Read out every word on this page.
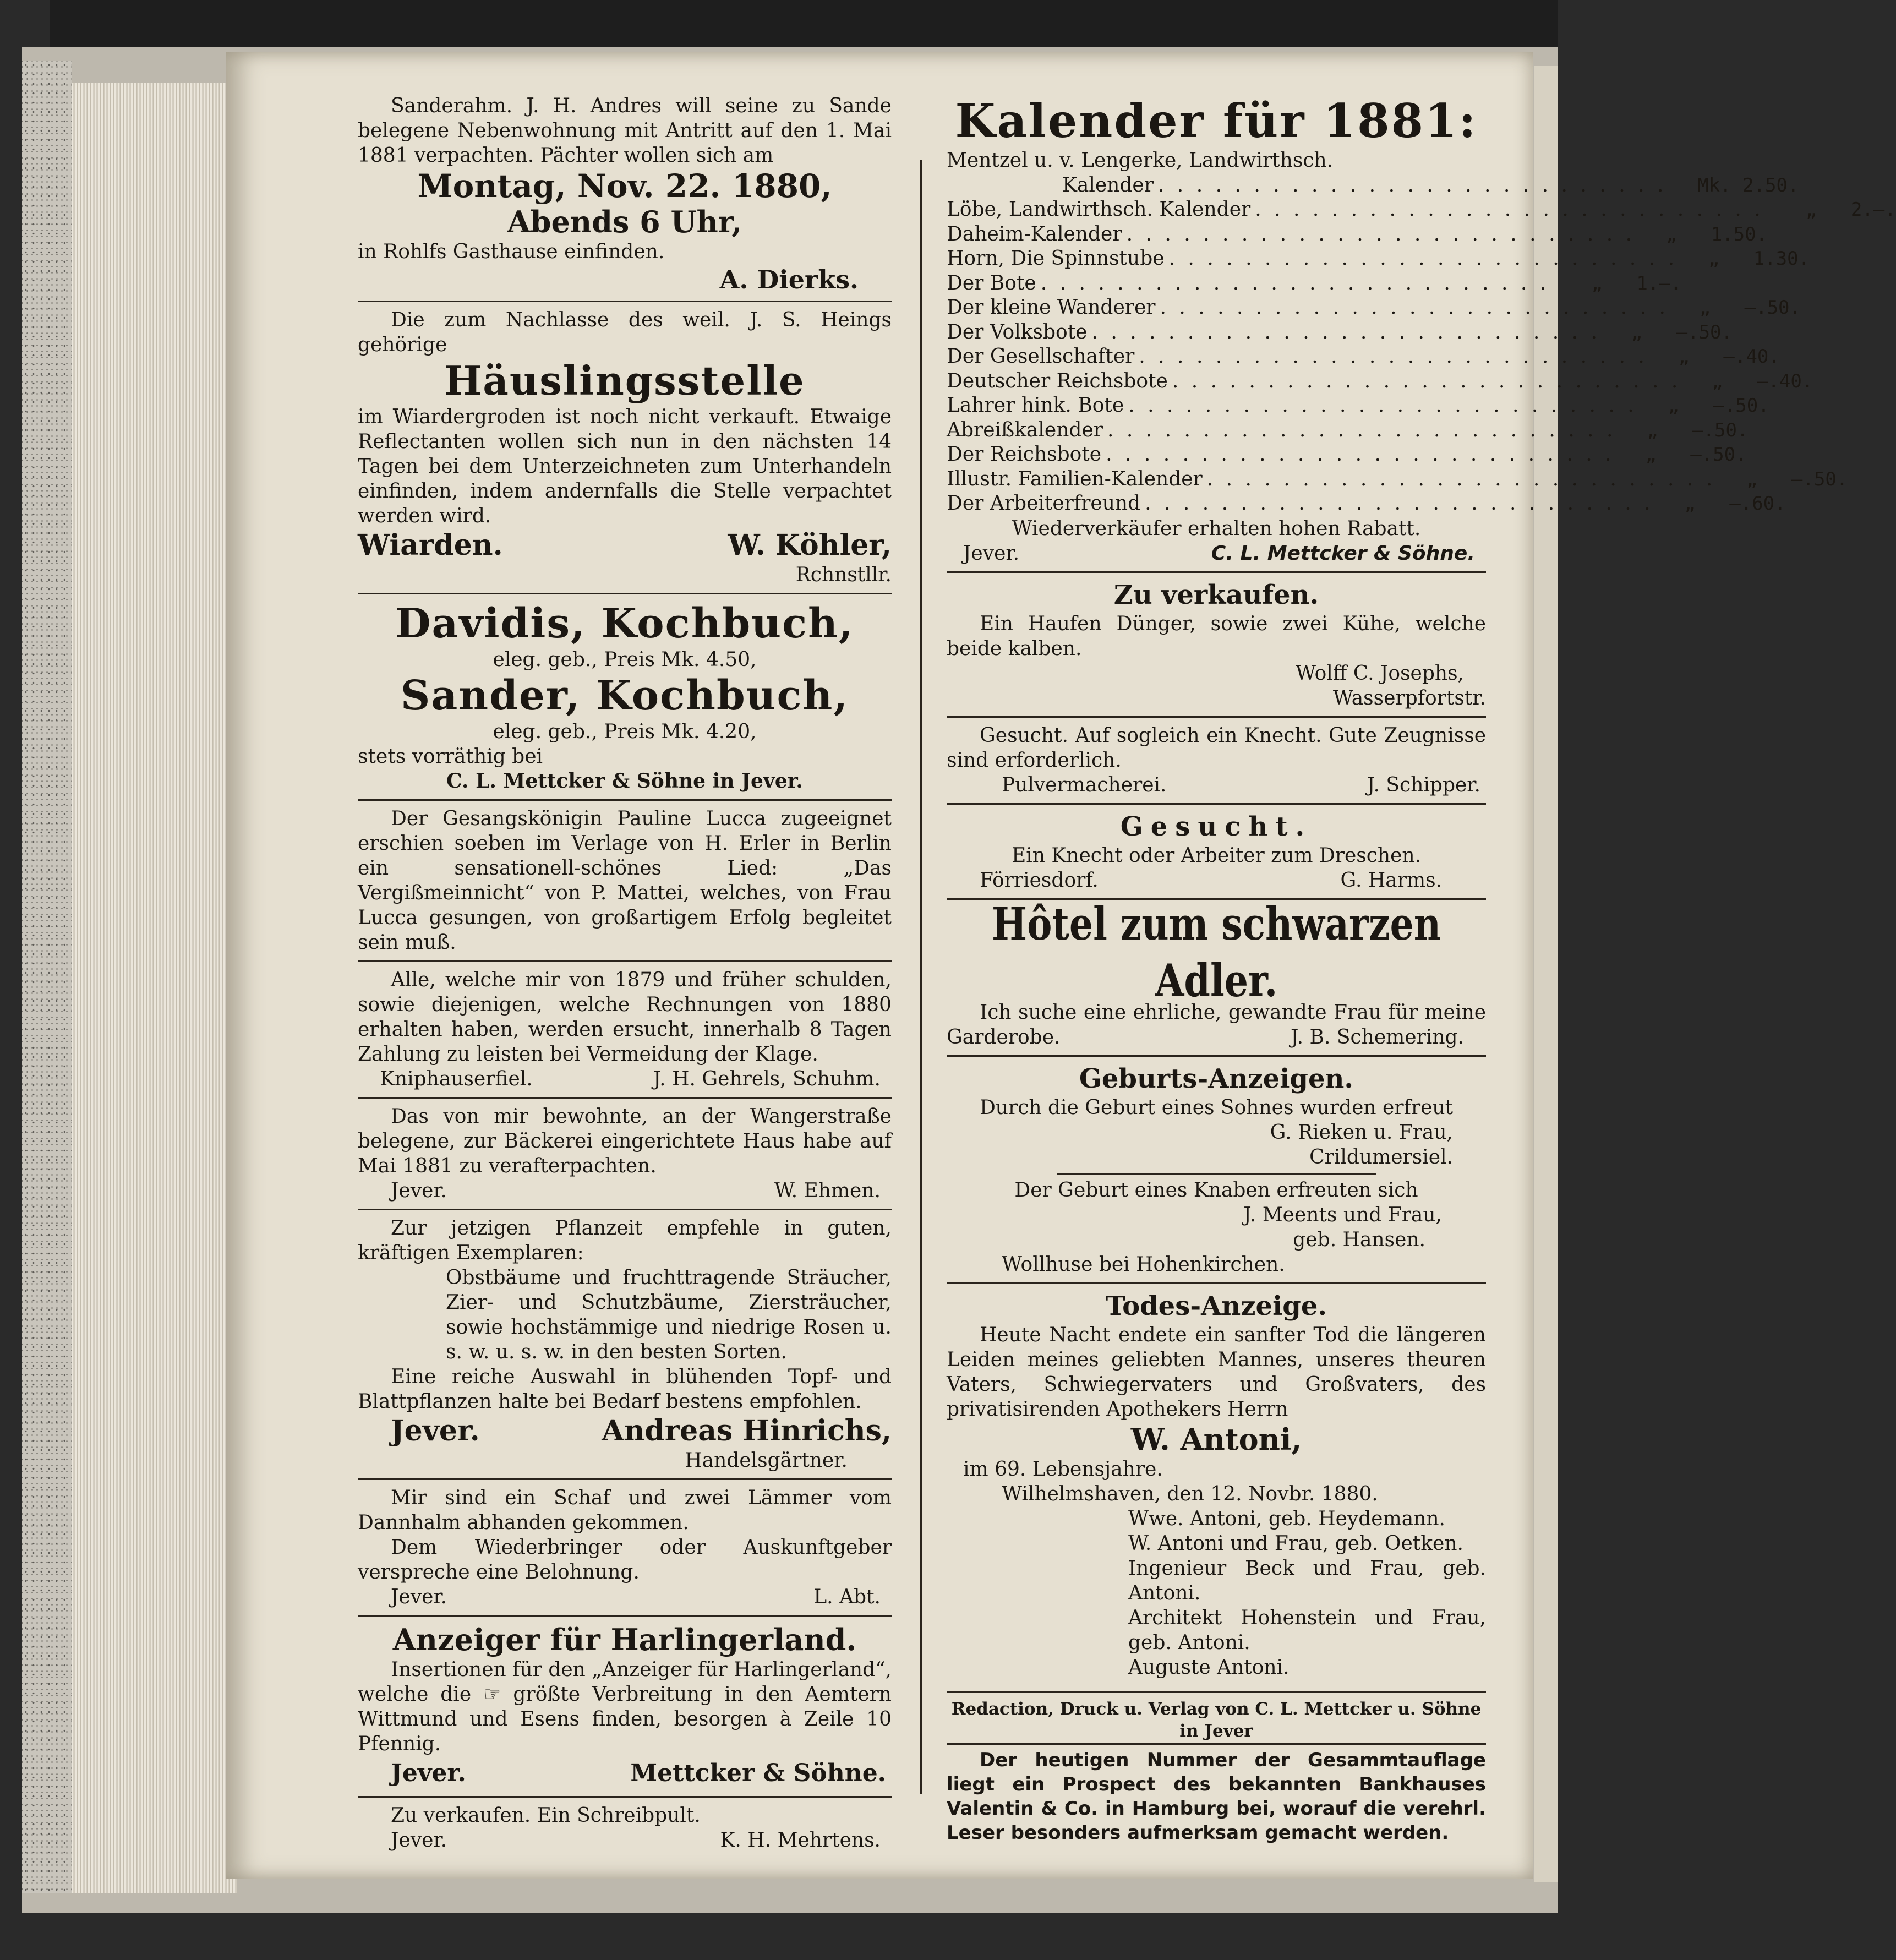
Sanderahm. J. H. Andres will seine zu Sande belegene Nebenwohnung mit Antritt auf den 1. Mai 1881 verpachten. Pächter wollen sich am

Montag, Nov. 22. 1880,

Abends 6 Uhr,

in Rohlfs Gasthause einfinden.

A. Dierks.

Die zum Nachlasse des weil. J. S. Heings gehörige

Häuslingsstelle

im Wiardergroden ist noch nicht verkauft. Etwaige Reflectanten wollen sich nun in den nächsten 14 Tagen bei dem Unterzeichneten zum Unterhandeln einfinden, indem andernfalls die Stelle verpachtet werden wird.

Wiarden.	W. Köhler,

Rchnstllr.

Davidis, Kochbuch,

eleg. geb., Preis Mk. 4.50,

Sander, Kochbuch,

eleg. geb., Preis Mk. 4.20,

stets vorräthig bei

C. L. Mettcker & Söhne in Jever.

Der Gesangskönigin Pauline Lucca zugeeignet erschien soeben im Verlage von H. Erler in Berlin ein sensationell-schönes Lied: „Das Vergißmeinnicht“ von P. Mattei, welches, von Frau Lucca gesungen, von großartigem Erfolg begleitet sein muß.

Alle, welche mir von 1879 und früher schulden, sowie diejenigen, welche Rechnungen von 1880 erhalten haben, werden ersucht, innerhalb 8 Tagen Zahlung zu leisten bei Vermeidung der Klage.

Kniphauserfiel.	J. H. Gehrels, Schuhm.

Das von mir bewohnte, an der Wangerstraße belegene, zur Bäckerei eingerichtete Haus habe auf Mai 1881 zu verafterpachten.

Jever.	W. Ehmen.

Zur jetzigen Pflanzeit empfehle in guten, kräftigen Exemplaren:

Obstbäume und fruchttragende Sträucher, Zier- und Schutzbäume, Ziersträucher, sowie hochstämmige und niedrige Rosen u. s. w. u. s. w. in den besten Sorten.

Eine reiche Auswahl in blühenden Topf- und Blattpflanzen halte bei Bedarf bestens empfohlen.

Jever.	Andreas Hinrichs,

Handelsgärtner.

Mir sind ein Schaf und zwei Lämmer vom Dannhalm abhanden gekommen.

Dem Wiederbringer oder Auskunftgeber verspreche eine Belohnung.

Jever.	L. Abt.

Anzeiger für Harlingerland.

Insertionen für den „Anzeiger für Harlingerland“, welche die ☞ größte Verbreitung in den Aemtern Wittmund und Esens finden, besorgen à Zeile 10 Pfennig.

Jever.	Mettcker & Söhne.

Zu verkaufen. Ein Schreibpult.

Jever.	K. H. Mehrtens.

Kalender für 1881:

Mentzel u. v. Lengerke, Landwirthsch.
Kalender . . . . . . . . . . . . . . . . . . . . . . . . . . .	Mk. 2.50.
Löbe, Landwirthsch. Kalender . . . . . . . . . . . . . . . . . . . . . . . . . . .	„   2.—.
Daheim-Kalender . . . . . . . . . . . . . . . . . . . . . . . . . . .	„   1.50.
Horn, Die Spinnstube . . . . . . . . . . . . . . . . . . . . . . . . . . .	„   1.30.
Der Bote . . . . . . . . . . . . . . . . . . . . . . . . . . .	„   1.—.
Der kleine Wanderer . . . . . . . . . . . . . . . . . . . . . . . . . . .	„   —.50.
Der Volksbote . . . . . . . . . . . . . . . . . . . . . . . . . . .	„   —.50.
Der Gesellschafter . . . . . . . . . . . . . . . . . . . . . . . . . . .	„   —.40.
Deutscher Reichsbote . . . . . . . . . . . . . . . . . . . . . . . . . . .	„   —.40.
Lahrer hink. Bote . . . . . . . . . . . . . . . . . . . . . . . . . . .	„   —.50.
Abreißkalender . . . . . . . . . . . . . . . . . . . . . . . . . . .	„   —.50.
Der Reichsbote . . . . . . . . . . . . . . . . . . . . . . . . . . .	„   —.50.
Illustr. Familien-Kalender . . . . . . . . . . . . . . . . . . . . . . . . . . .	„   —.50.
Der Arbeiterfreund . . . . . . . . . . . . . . . . . . . . . . . . . . .	„   —.60.

Wiederverkäufer erhalten hohen Rabatt.

Jever.	C. L. Mettcker & Söhne.

Zu verkaufen.

Ein Haufen Dünger, sowie zwei Kühe, welche beide kalben.

Wolff C. Josephs,

Wasserpfortstr.

Gesucht. Auf sogleich ein Knecht. Gute Zeugnisse sind erforderlich.

Pulvermacherei.	J. Schipper.

Gesucht.

Ein Knecht oder Arbeiter zum Dreschen.

Förriesdorf.	G. Harms.

Hôtel zum schwarzen Adler.

Ich suche eine ehrliche, gewandte Frau für meine Garderobe.	J. B. Schemering.

Geburts-Anzeigen.

Durch die Geburt eines Sohnes wurden erfreut

G. Rieken u. Frau,

Crildumersiel.

Der Geburt eines Knaben erfreuten sich

J. Meents und Frau,

geb. Hansen.

Wollhuse bei Hohenkirchen.

Todes-Anzeige.

Heute Nacht endete ein sanfter Tod die längeren Leiden meines geliebten Mannes, unseres theuren Vaters, Schwiegervaters und Großvaters, des privatisirenden Apothekers Herrn

W. Antoni,

im 69. Lebensjahre.

Wilhelmshaven, den 12. Novbr. 1880.

Wwe. Antoni, geb. Heydemann.

W. Antoni und Frau, geb. Oetken.

Ingenieur Beck und Frau, geb. Antoni.

Architekt Hohenstein und Frau, geb. Antoni.

Auguste Antoni.

Redaction, Druck u. Verlag von C. L. Mettcker u. Söhne in Jever

Der heutigen Nummer der Gesammtauflage liegt ein Prospect des bekannten Bankhauses Valentin & Co. in Hamburg bei, worauf die verehrl. Leser besonders aufmerksam gemacht werden.
